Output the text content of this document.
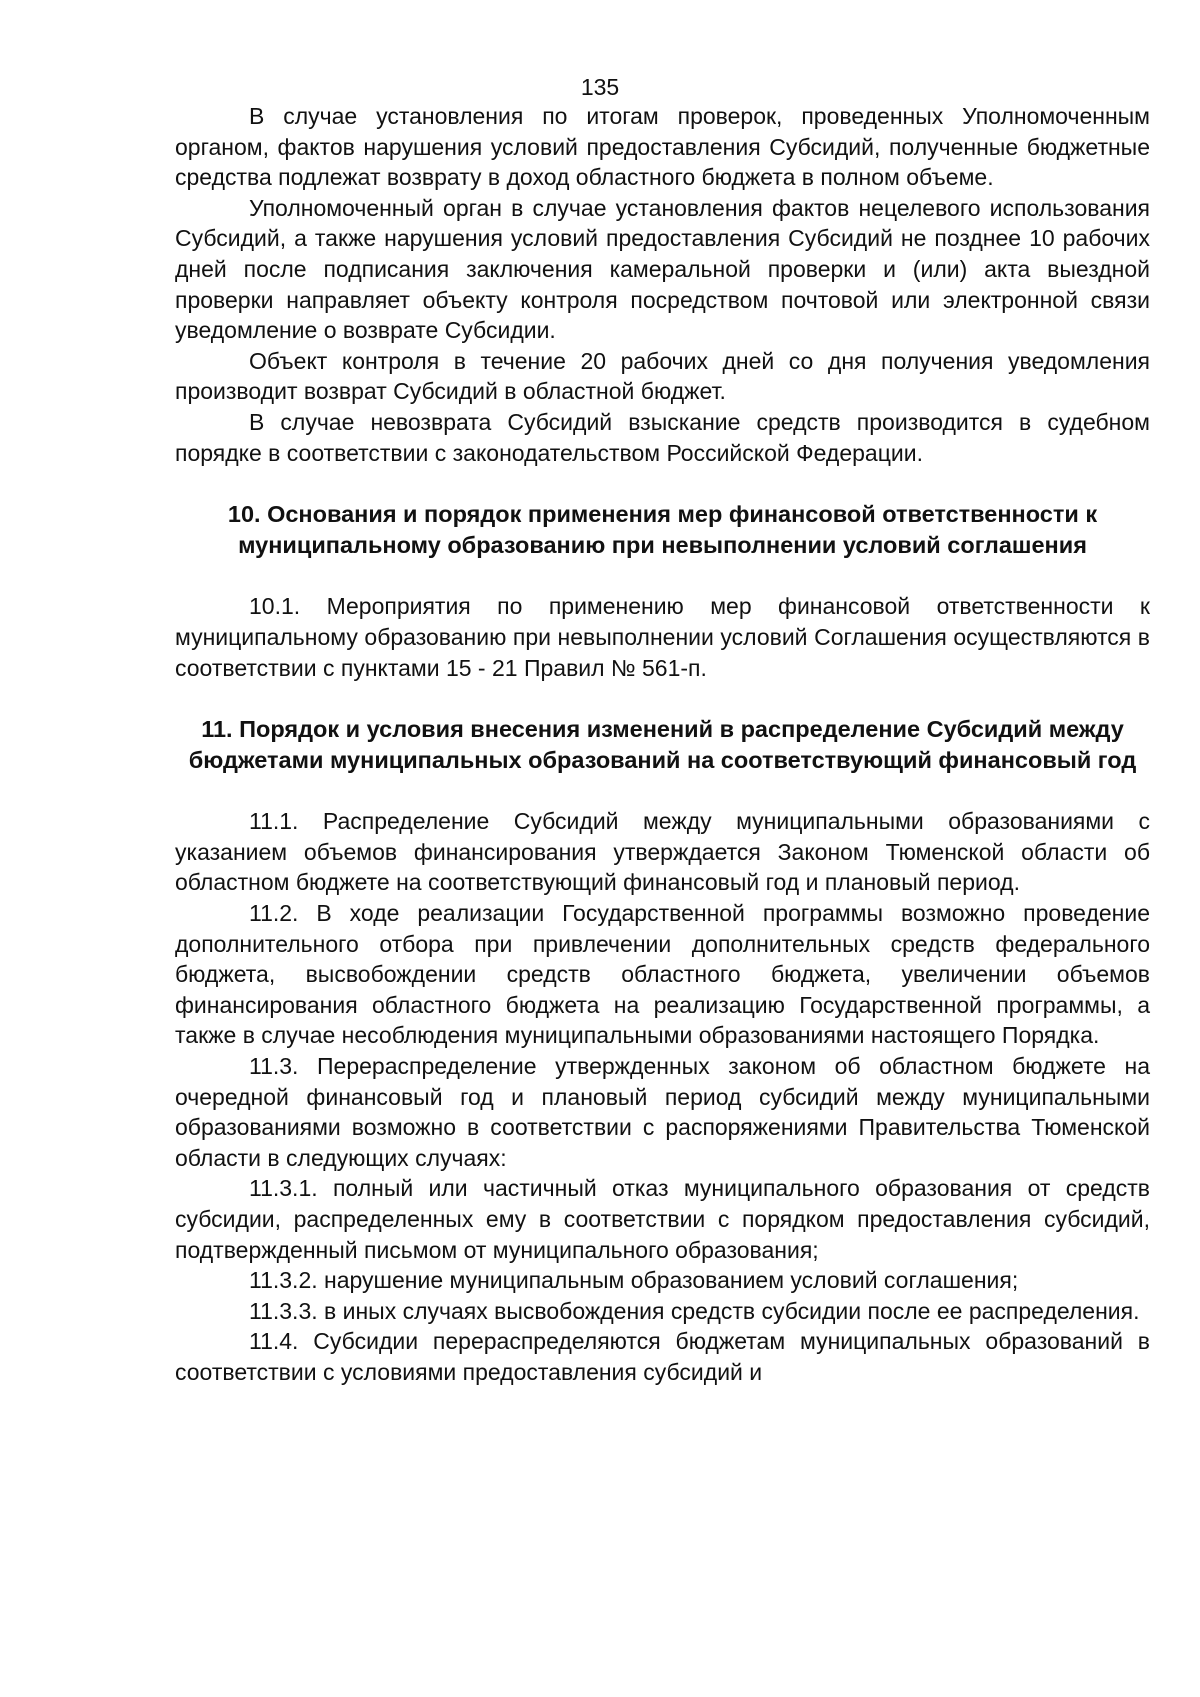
135

В случае установления по итогам проверок, проведенных Уполномоченным органом, фактов нарушения условий предоставления Субсидий, полученные бюджетные средства подлежат возврату в доход областного бюджета в полном объеме.

Уполномоченный орган в случае установления фактов нецелевого использования Субсидий, а также нарушения условий предоставления Субсидий не позднее 10 рабочих дней после подписания заключения камеральной проверки и (или) акта выездной проверки направляет объекту контроля посредством почтовой или электронной связи уведомление о возврате Субсидии.

Объект контроля в течение 20 рабочих дней со дня получения уведомления производит возврат Субсидий в областной бюджет.

В случае невозврата Субсидий взыскание средств производится в судебном порядке в соответствии с законодательством Российской Федерации.

10. Основания и порядок применения мер финансовой ответственности к муниципальному образованию при невыполнении условий соглашения

10.1. Мероприятия по применению мер финансовой ответственности к муниципальному образованию при невыполнении условий Соглашения осуществляются в соответствии с пунктами 15 - 21 Правил № 561-п.

11. Порядок и условия внесения изменений в распределение Субсидий между бюджетами муниципальных образований на соответствующий финансовый год

11.1. Распределение Субсидий между муниципальными образованиями с указанием объемов финансирования утверждается Законом Тюменской области об областном бюджете на соответствующий финансовый год и плановый период.

11.2. В ходе реализации Государственной программы возможно проведение дополнительного отбора при привлечении дополнительных средств федерального бюджета, высвобождении средств областного бюджета, увеличении объемов финансирования областного бюджета на реализацию Государственной программы, а также в случае несоблюдения муниципальными образованиями настоящего Порядка.

11.3. Перераспределение утвержденных законом об областном бюджете на очередной финансовый год и плановый период субсидий между муниципальными образованиями возможно в соответствии с распоряжениями Правительства Тюменской области в следующих случаях:

11.3.1. полный или частичный отказ муниципального образования от средств субсидии, распределенных ему в соответствии с порядком предоставления субсидий, подтвержденный письмом от муниципального образования;

11.3.2. нарушение муниципальным образованием условий соглашения;

11.3.3. в иных случаях высвобождения средств субсидии после ее распределения.

11.4. Субсидии перераспределяются бюджетам муниципальных образований в соответствии с условиями предоставления субсидий и
